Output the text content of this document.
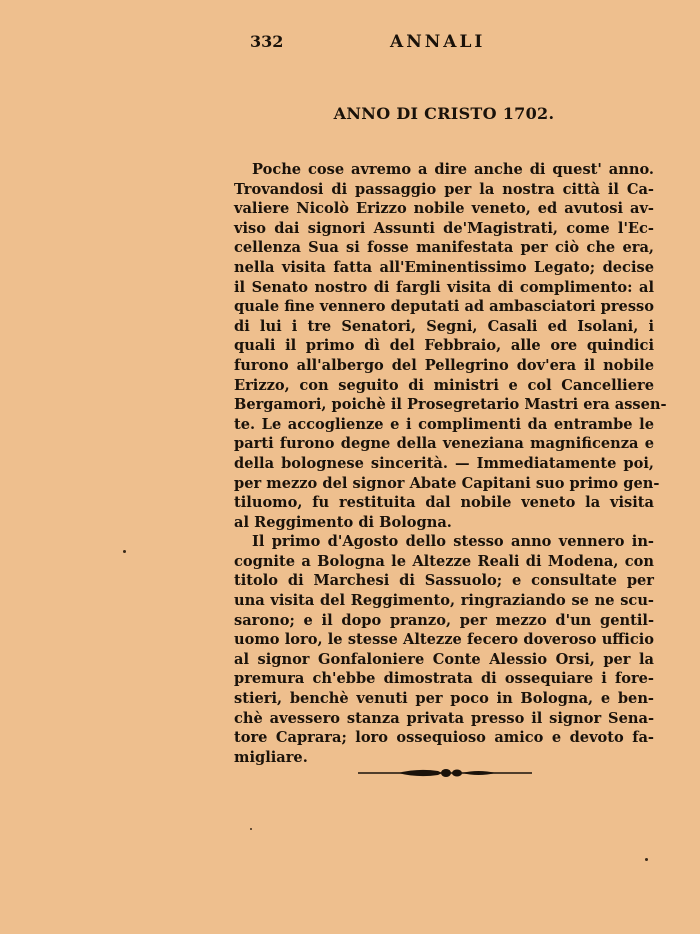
332	ANNALI
ANNO DI CRISTO 1702.
Poche cose avremo a dire anche di quest' anno.
Trovandosi di passaggio per la nostra città il Ca-
valiere Nicolò Erizzo nobile veneto, ed avutosi av-
viso dai signori Assunti de'Magistrati, come l'Ec-
cellenza Sua si fosse manifestata per ciò che era,
nella visita fatta all'Eminentissimo Legato; decise
il Senato nostro di fargli visita di complimento: al
quale fine vennero deputati ad ambasciatori presso
di lui i tre Senatori, Segni, Casali ed Isolani, i
quali il primo dì del Febbraio, alle ore quindici
furono all'albergo del Pellegrino dov'era il nobile
Erizzo, con seguito di ministri e col Cancelliere
Bergamori, poichè il Prosegretario Mastri era assen-
te. Le accoglienze e i complimenti da entrambe le
parti furono degne della veneziana magnificenza e
della bolognese sincerità. — Immediatamente poi,
per mezzo del signor Abate Capitani suo primo gen-
tiluomo, fu restituita dal nobile veneto la visita
al Reggimento di Bologna.
Il primo d'Agosto dello stesso anno vennero in-
cognite a Bologna le Altezze Reali di Modena, con
titolo di Marchesi di Sassuolo; e consultate per
una visita del Reggimento, ringraziando se ne scu-
sarono; e il dopo pranzo, per mezzo d'un gentil-
uomo loro, le stesse Altezze fecero doveroso ufficio
al signor Gonfaloniere Conte Alessio Orsi, per la
premura ch'ebbe dimostrata di ossequiare i fore-
stieri, benchè venuti per poco in Bologna, e ben-
chè avessero stanza privata presso il signor Sena-
tore Caprara; loro ossequioso amico e devoto fa-
migliare.
